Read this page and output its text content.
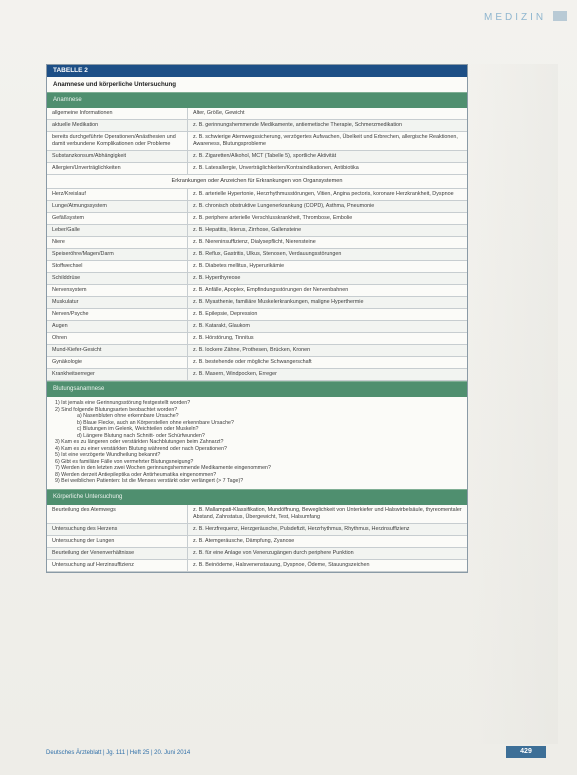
MEDIZIN
TABELLE 2
Anamnese und körperliche Untersuchung
Anamnese
allgemeine Informationen	Alter, Größe, Gewicht
aktuelle Medikation	z. B. gerinnungshemmende Medikamente, antiemetische Therapie, Schmerzmedikation
bereits durchgeführte Operationen/Anästhesien und damit verbundene Komplikationen oder Probleme	z. B. schwierige Atemwegssicherung, verzögertes Aufwachen, Übelkeit und Erbrechen, allergische Reaktionen, Awareness, Blutungsprobleme
Substanzkonsum/Abhängigkeit	z. B. Zigaretten/Alkohol, MCT (Tabelle 5), sportliche Aktivität
Allergien/Unverträglichkeiten	z. B. Latexallergie, Unverträglichkeiten/Kontraindikationen, Antibiotika
Erkrankungen oder Anzeichen für Erkrankungen von Organsystemen
Herz/Kreislauf	z. B. arterielle Hypertonie, Herzrhythmusstörungen, Vitien, Angina pectoris, koronare Herzkrankheit, Dyspnoe
Lunge/Atmungssystem	z. B. chronisch obstruktive Lungenerkrankung (COPD), Asthma, Pneumonie
Gefäßsystem	z. B. periphere arterielle Verschlusskrankheit, Thrombose, Embolie
Leber/Galle	z. B. Hepatitis, Ikterus, Zirrhose, Gallensteine
Niere	z. B. Niereninsuffizienz, Dialysepflicht, Nierensteine
Speiseröhre/Magen/Darm	z. B. Reflux, Gastritis, Ulkus, Stenosen, Verdauungsstörungen
Stoffwechsel	z. B. Diabetes mellitus, Hyperurikämie
Schilddrüse	z. B. Hyperthyreose
Nervensystem	z. B. Anfälle, Apoplex, Empfindungsstörungen der Nervenbahnen
Muskulatur	z. B. Myasthenie, familiäre Muskelerkrankungen, maligne Hyperthermie
Nerven/Psyche	z. B. Epilepsie, Depression
Augen	z. B. Katarakt, Glaukom
Ohren	z. B. Hörstörung, Tinnitus
Mund-Kiefer-Gesicht	z. B. lockere Zähne, Prothesen, Brücken, Kronen
Gynäkologie	z. B. bestehende oder mögliche Schwangerschaft
Krankheitserreger	z. B. Masern, Windpocken, Erreger
Blutungsanamnese
1) Ist jemals eine Gerinnungsstörung festgestellt worden?
2) Sind folgende Blutungsarten beobachtet worden?
a) Nasenbluten ohne erkennbare Ursache?
b) Blaue Flecke, auch an Körperstellen ohne erkennbare Ursache?
c) Blutungen im Gelenk, Weichteilen oder Muskeln?
d) Längere Blutung nach Schnitt- oder Schürfwunden?
3) Kam es zu längeren oder verstärkten Nachblutungen beim Zahnarzt?
4) Kam es zu einer verstärkten Blutung während oder nach Operationen?
5) Ist eine verzögerte Wundheilung bekannt?
6) Gibt es familiäre Fälle von vermehrter Blutungsneigung?
7) Werden in den letzten zwei Wochen gerinnungshemmende Medikamente eingenommen?
8) Werden derzeit Antiepileptika oder Antirheumatika eingenommen?
9) Bei weiblichen Patienten: Ist die Menses verstärkt oder verlängert (> 7 Tage)?
Körperliche Untersuchung
Beurteilung des Atemwegs	z. B. Mallampati-Klassifikation, Mundöffnung, Beweglichkeit von Unterkiefer und Halswirbelsäule, thyreomentaler Abstand, Zahnstatus, Übergewicht, Test, Halsumfang
Untersuchung des Herzens	z. B. Herzfrequenz, Herzgeräusche, Pulsdefizit, Herzrhythmus, Rhythmus, Herzinsuffizienz
Untersuchung der Lungen	z. B. Atemgeräusche, Dämpfung, Zyanose
Beurteilung der Venenverhältnisse	z. B. für eine Anlage von Venenzugängen durch periphere Punktion
Untersuchung auf Herzinsuffizienz	z. B. Beinödeme, Halsvenenstauung, Dyspnoe, Ödeme, Stauungszeichen
Deutsches Ärzteblatt | Jg. 111 | Heft 25 | 20. Juni 2014	429
